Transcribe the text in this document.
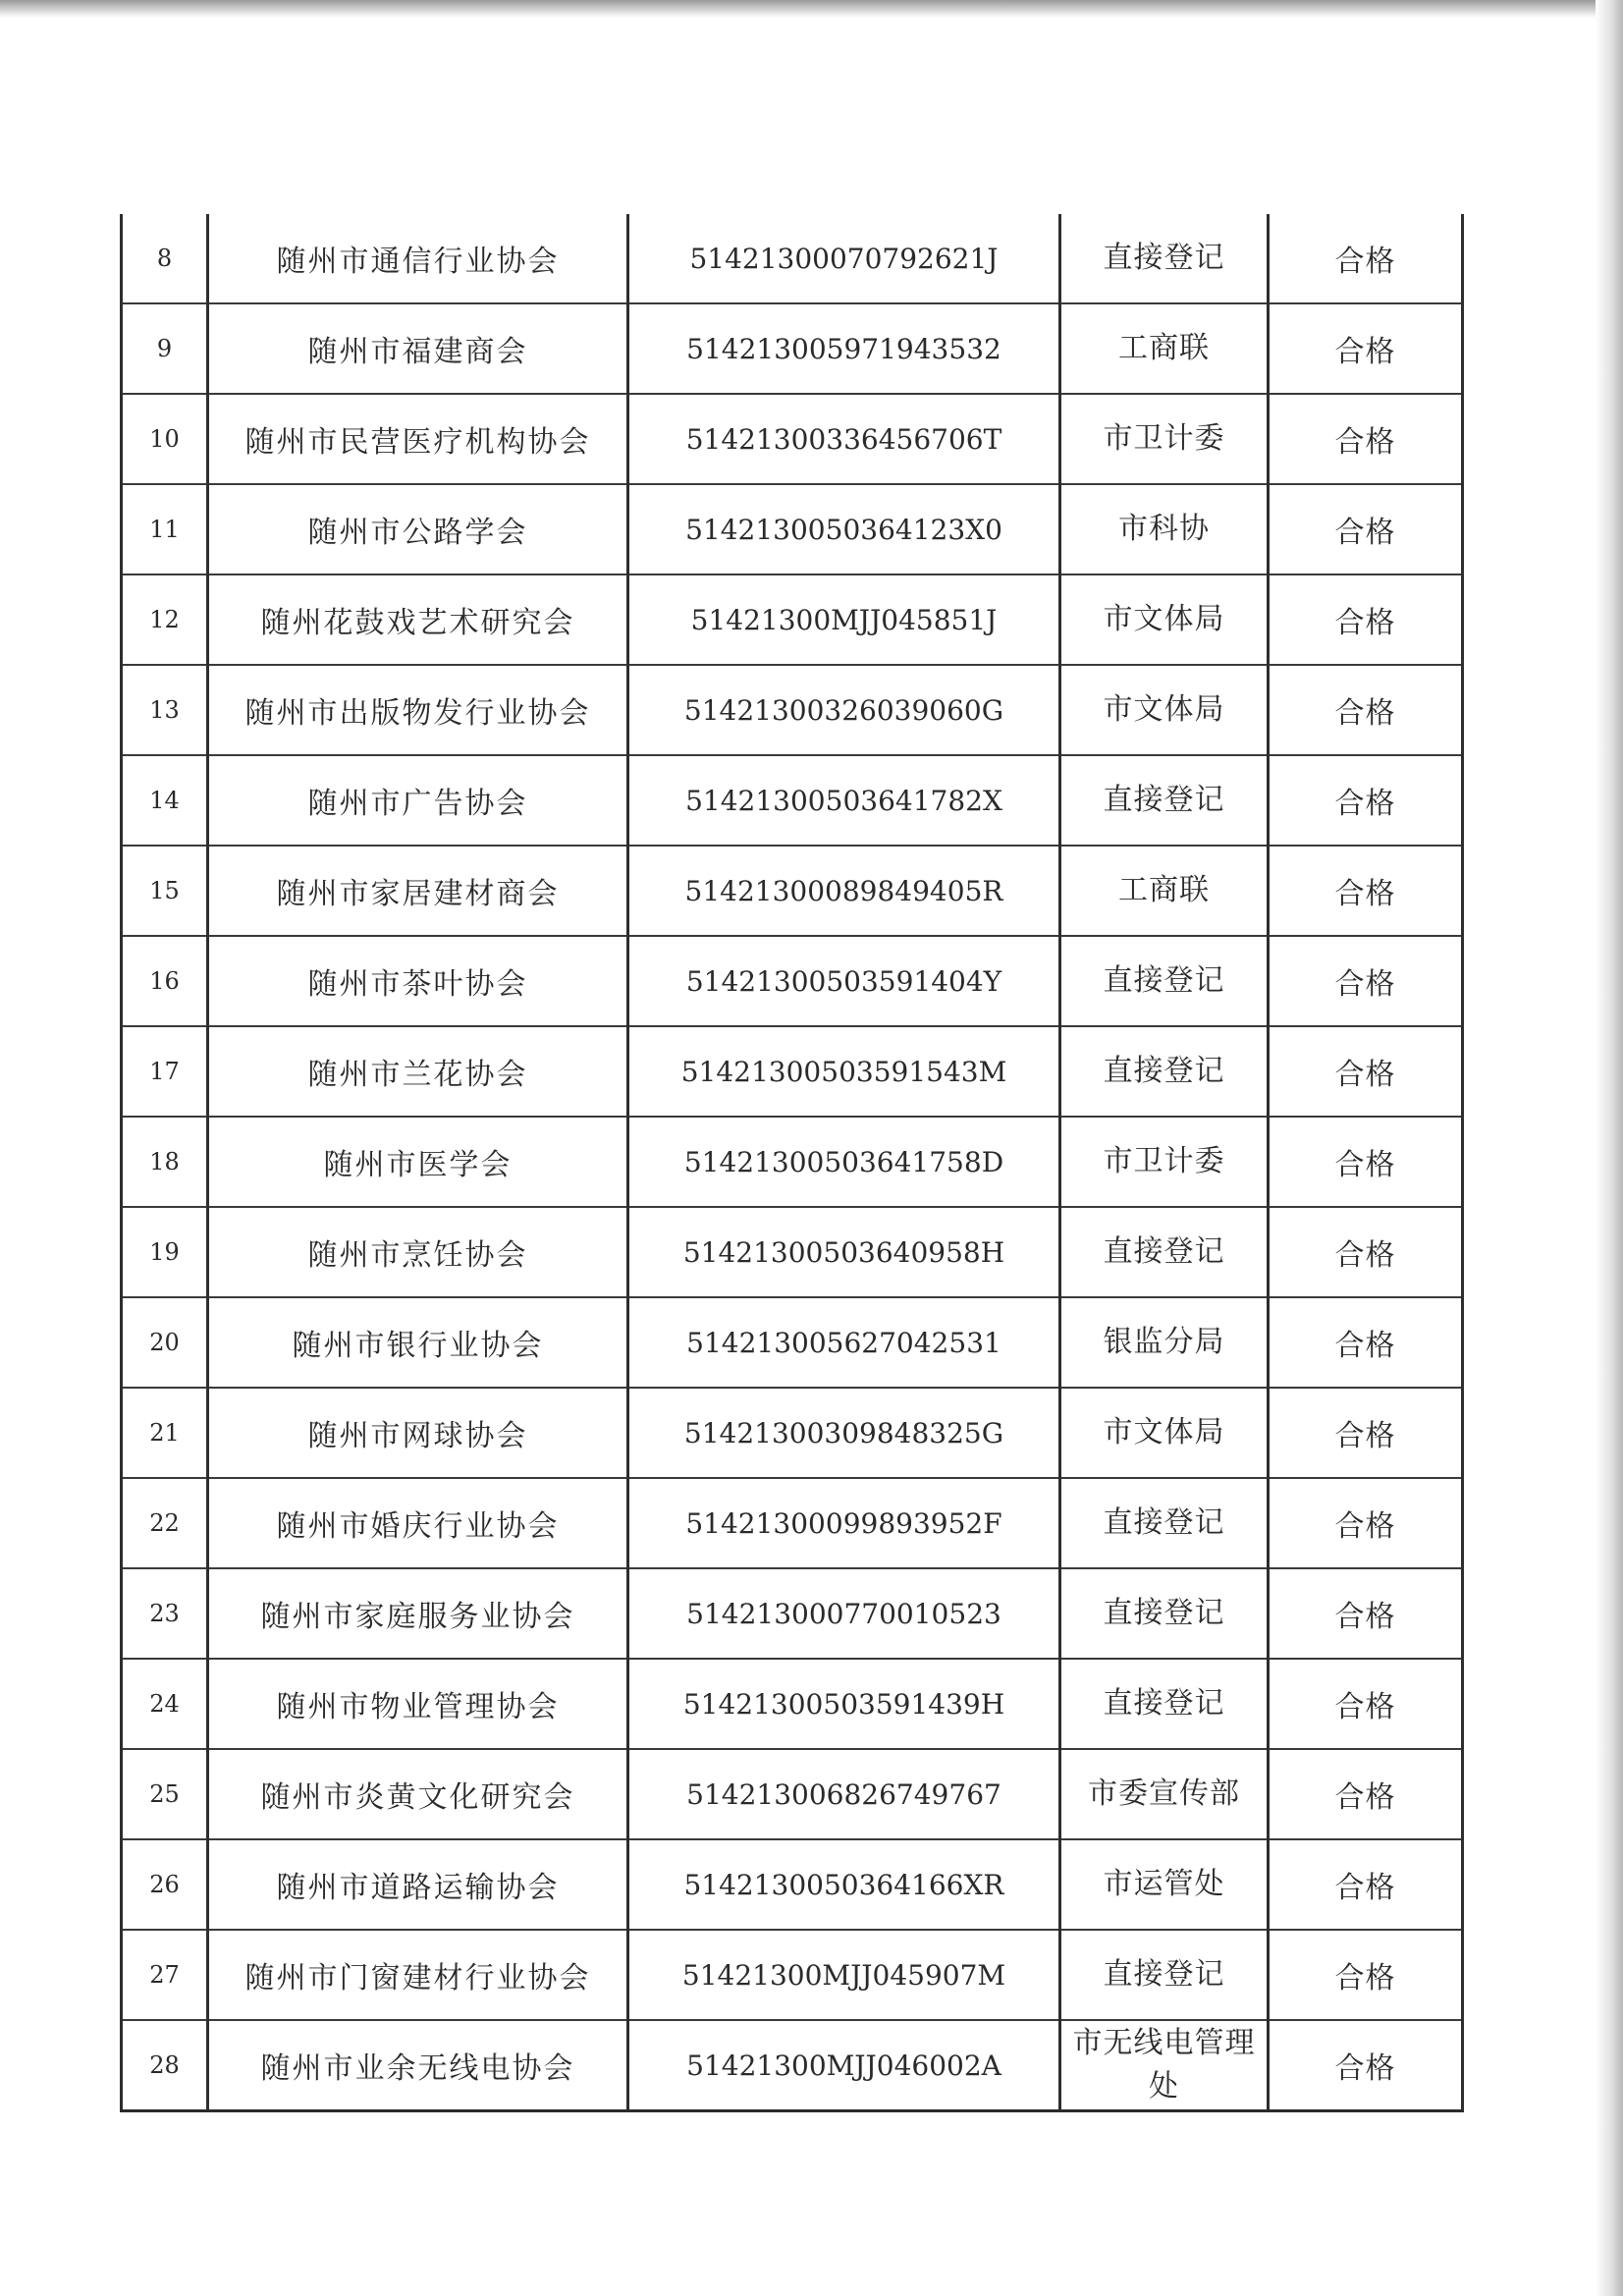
8	随州市通信行业协会	51421300070792621J	直接登记	合格
9	随州市福建商会	514213005971943532	工商联	合格
10	随州市民营医疗机构协会	51421300336456706T	市卫计委	合格
11	随州市公路学会	5142130050364123X0	市科协	合格
12	随州花鼓戏艺术研究会	51421300MJJ045851J	市文体局	合格
13	随州市出版物发行业协会	51421300326039060G	市文体局	合格
14	随州市广告协会	51421300503641782X	直接登记	合格
15	随州市家居建材商会	51421300089849405R	工商联	合格
16	随州市茶叶协会	51421300503591404Y	直接登记	合格
17	随州市兰花协会	51421300503591543M	直接登记	合格
18	随州市医学会	51421300503641758D	市卫计委	合格
19	随州市烹饪协会	51421300503640958H	直接登记	合格
20	随州市银行业协会	514213005627042531	银监分局	合格
21	随州市网球协会	51421300309848325G	市文体局	合格
22	随州市婚庆行业协会	51421300099893952F	直接登记	合格
23	随州市家庭服务业协会	514213000770010523	直接登记	合格
24	随州市物业管理协会	51421300503591439H	直接登记	合格
25	随州市炎黄文化研究会	514213006826749767	市委宣传部	合格
26	随州市道路运输协会	5142130050364166XR	市运管处	合格
27	随州市门窗建材行业协会	51421300MJJ045907M	直接登记	合格
28	随州市业余无线电协会	51421300MJJ046002A	市无线电管理处	合格
